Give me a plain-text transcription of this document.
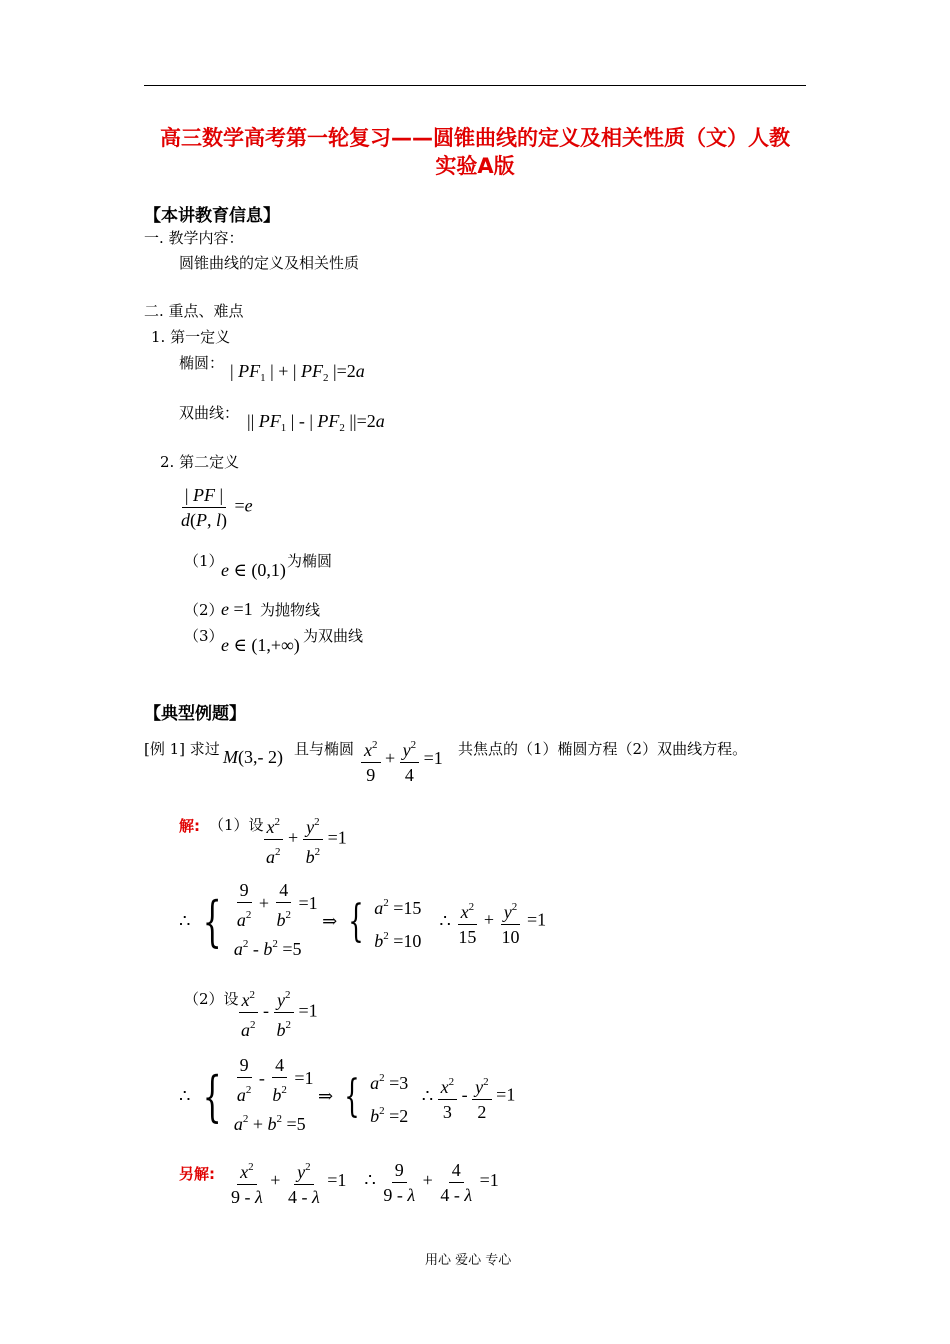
高三数学高考第一轮复习——圆锥曲线的定义及相关性质（文）人教
实验A版
【本讲教育信息】
一. 教学内容：
圆锥曲线的定义及相关性质
二. 重点、难点
1. 第一定义
椭圆： | $PF_1$ | + | $PF_2$ |=2a
双曲线： || $PF_1$ | - | $PF_2$ ||=2a
2. 第二定义
$\frac{| PF |}{d(P, l)} =e$
（1）
e ∈ (0,1) 为椭圆
（2）
e =1 为抛物线
（3）
e ∈ (1,+∞) 为双曲线
【典型例题】
[例 1] 求过 M(3,- 2) 且与椭圆 $\frac{x^2}{9} + \frac{y^2}{4} =1$ 共焦点的（1）椭圆方程（2）双曲线方程。
解: （1）设 $\frac{x^2}{a^2} + \frac{y^2}{b^2} =1$
∴ { $\frac{9}{a^2} + \frac{4}{b^2} =1$
$a^2 - b^2 =5$
⇒ { $a^2 =15$
$b^2 =10$
∴ $\frac{x^2}{15} + \frac{y^2}{10} =1$
（2）设 $\frac{x^2}{a^2} - \frac{y^2}{b^2} =1$
∴ { $\frac{9}{a^2} - \frac{4}{b^2} =1$
$a^2 + b^2 =5$
⇒ { $a^2 =3$
$b^2 =2$
∴ $\frac{x^2}{3} - \frac{y^2}{2} =1$
另解: $\frac{x^2}{9 - \lambda} + \frac{y^2}{4 - \lambda} =1$    ∴ $\frac{9}{9 - \lambda} + \frac{4}{4 - \lambda} =1$
用心 爱心 专心
